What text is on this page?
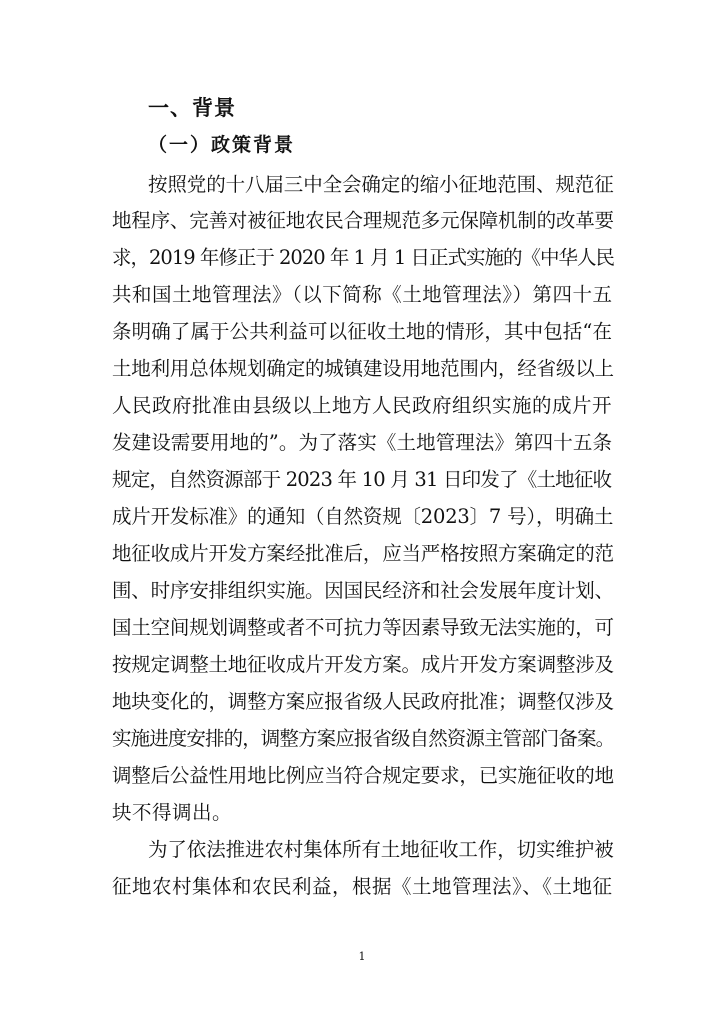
一、背景
（一）政策背景
按照党的十八届三中全会确定的缩小征地范围、规范征
地程序、完善对被征地农民合理规范多元保障机制的改革要
求，2019 年修正于 2020 年 1 月 1 日正式实施的《中华人民
共和国土地管理法》（以下简称《土地管理法》）第四十五
条明确了属于公共利益可以征收土地的情形，其中包括“在
土地利用总体规划确定的城镇建设用地范围内，经省级以上
人民政府批准由县级以上地方人民政府组织实施的成片开
发建设需要用地的”。为了落实《土地管理法》第四十五条
规定，自然资源部于 2023 年 10 月 31 日印发了《土地征收
成片开发标准》的通知（自然资规〔2023〕7 号），明确土
地征收成片开发方案经批准后，应当严格按照方案确定的范
围、时序安排组织实施。因国民经济和社会发展年度计划、
国土空间规划调整或者不可抗力等因素导致无法实施的，可
按规定调整土地征收成片开发方案。成片开发方案调整涉及
地块变化的，调整方案应报省级人民政府批准；调整仅涉及
实施进度安排的，调整方案应报省级自然资源主管部门备案。
调整后公益性用地比例应当符合规定要求，已实施征收的地
块不得调出。
为了依法推进农村集体所有土地征收工作，切实维护被
征地农村集体和农民利益，根据《土地管理法》、《土地征
1
